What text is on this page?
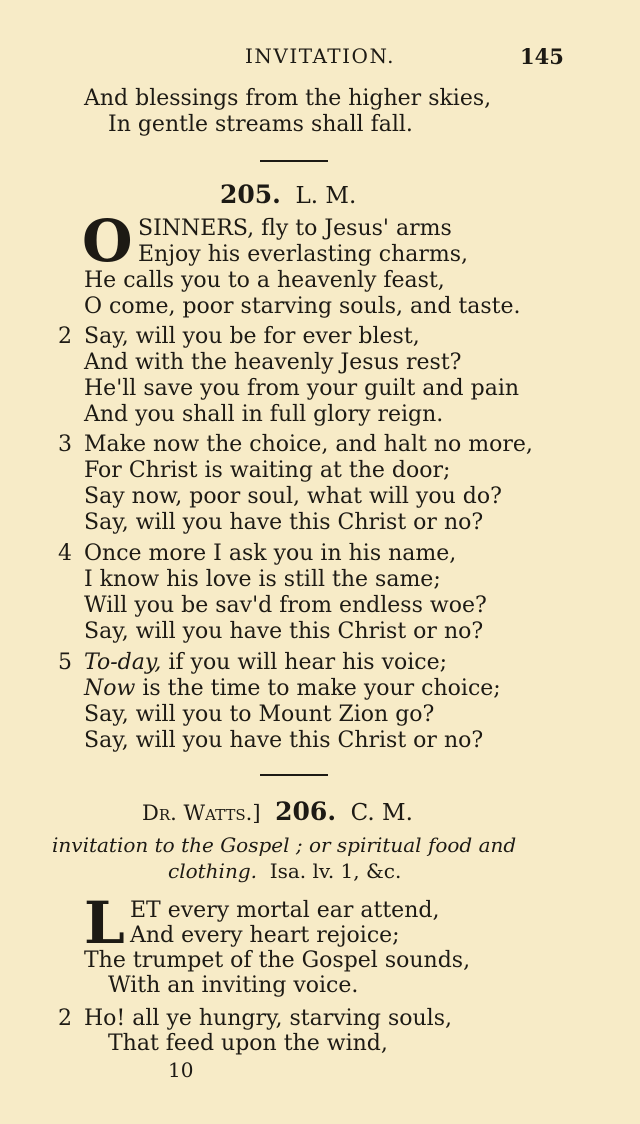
INVITATION.	145
And blessings from the higher skies,
In gentle streams shall fall.
205. L. M.
O SINNERS, fly to Jesus' arms
Enjoy his everlasting charms,
He calls you to a heavenly feast,
O come, poor starving souls, and taste.
2 Say, will you be for ever blest,
And with the heavenly Jesus rest?
He'll save you from your guilt and pain
And you shall in full glory reign.
3 Make now the choice, and halt no more,
For Christ is waiting at the door;
Say now, poor soul, what will you do?
Say, will you have this Christ or no?
4 Once more I ask you in his name,
I know his love is still the same;
Will you be sav'd from endless woe?
Say, will you have this Christ or no?
5 To-day, if you will hear his voice;
Now is the time to make your choice;
Say, will you to Mount Zion go?
Say, will you have this Christ or no?
Dr. Watts.] 206. C. M.
invitation to the Gospel ; or spiritual food and
clothing. Isa. lv. 1, &c.
L ET every mortal ear attend,
And every heart rejoice;
The trumpet of the Gospel sounds,
With an inviting voice.
2 Ho! all ye hungry, starving souls,
That feed upon the wind,
10
